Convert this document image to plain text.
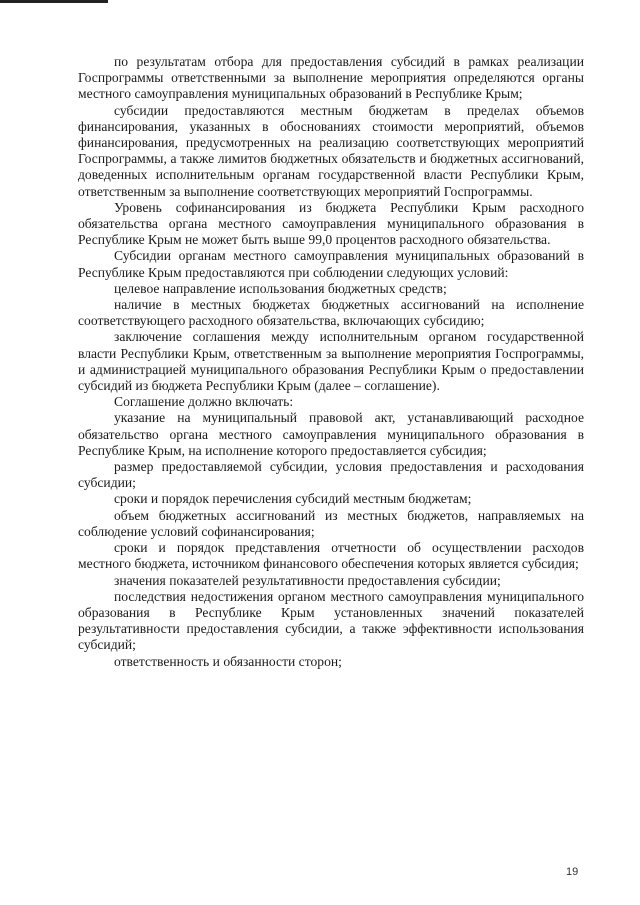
по результатам отбора для предоставления субсидий в рамках реализации Госпрограммы ответственными за выполнение мероприятия определяются органы местного самоуправления муниципальных образований в Республике Крым;

субсидии предоставляются местным бюджетам в пределах объемов финансирования, указанных в обоснованиях стоимости мероприятий, объемов финансирования, предусмотренных на реализацию соответствующих мероприятий Госпрограммы, а также лимитов бюджетных обязательств и бюджетных ассигнований, доведенных исполнительным органам государственной власти Республики Крым, ответственным за выполнение соответствующих мероприятий Госпрограммы.

Уровень софинансирования из бюджета Республики Крым расходного обязательства органа местного самоуправления муниципального образования в Республике Крым не может быть выше 99,0 процентов расходного обязательства.

Субсидии органам местного самоуправления муниципальных образований в Республике Крым предоставляются при соблюдении следующих условий:

целевое направление использования бюджетных средств;

наличие в местных бюджетах бюджетных ассигнований на исполнение соответствующего расходного обязательства, включающих субсидию;

заключение соглашения между исполнительным органом государственной власти Республики Крым, ответственным за выполнение мероприятия Госпрограммы, и администрацией муниципального образования Республики Крым о предоставлении субсидий из бюджета Республики Крым (далее – соглашение).

Соглашение должно включать:

указание на муниципальный правовой акт, устанавливающий расходное обязательство органа местного самоуправления муниципального образования в Республике Крым, на исполнение которого предоставляется субсидия;

размер предоставляемой субсидии, условия предоставления и расходования субсидии;

сроки и порядок перечисления субсидий местным бюджетам;

объем бюджетных ассигнований из местных бюджетов, направляемых на соблюдение условий софинансирования;

сроки и порядок представления отчетности об осуществлении расходов местного бюджета, источником финансового обеспечения которых является субсидия;

значения показателей результативности предоставления субсидии;

последствия недостижения органом местного самоуправления муниципального образования в Республике Крым установленных значений показателей результативности предоставления субсидии, а также эффективности использования субсидий;

ответственность и обязанности сторон;

19
